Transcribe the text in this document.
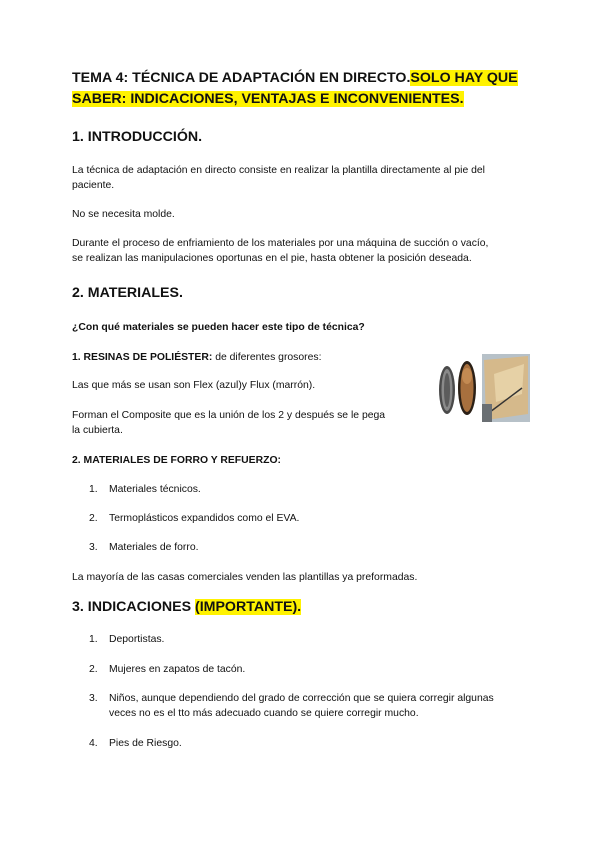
TEMA 4: TÉCNICA DE ADAPTACIÓN EN DIRECTO.SOLO HAY QUE
SABER: INDICACIONES, VENTAJAS E INCONVENIENTES.
1. INTRODUCCIÓN.

La técnica de adaptación en directo consiste en realizar la plantilla directamente al pie del

paciente.

No se necesita molde.

Durante el proceso de enfriamiento de los materiales por una máquina de succión o vacío,

se realizan las manipulaciones oportunas en el pie, hasta obtener la posición deseada.

2. MATERIALES.

¿Con qué materiales se pueden hacer este tipo de técnica?

1. RESINAS DE POLIÉSTER: de diferentes grosores:

Las que más se usan son Flex (azul)y Flux (marrón).

Forman el Composite que es la unión de los 2 y después se le pega

la cubierta.

2. MATERIALES DE FORRO Y REFUERZO:

1. Materiales técnicos.
2. Termoplásticos expandidos como el EVA.
3. Materiales de forro.

La mayoría de las casas comerciales venden las plantillas ya preformadas.

3. INDICACIONES (IMPORTANTE).
1. Deportistas.
2. Mujeres en zapatos de tacón.
3. Niños, aunque dependiendo del grado de corrección que se quiera corregir algunas
veces no es el tto más adecuado cuando se quiere corregir mucho.
4. Pies de Riesgo.
